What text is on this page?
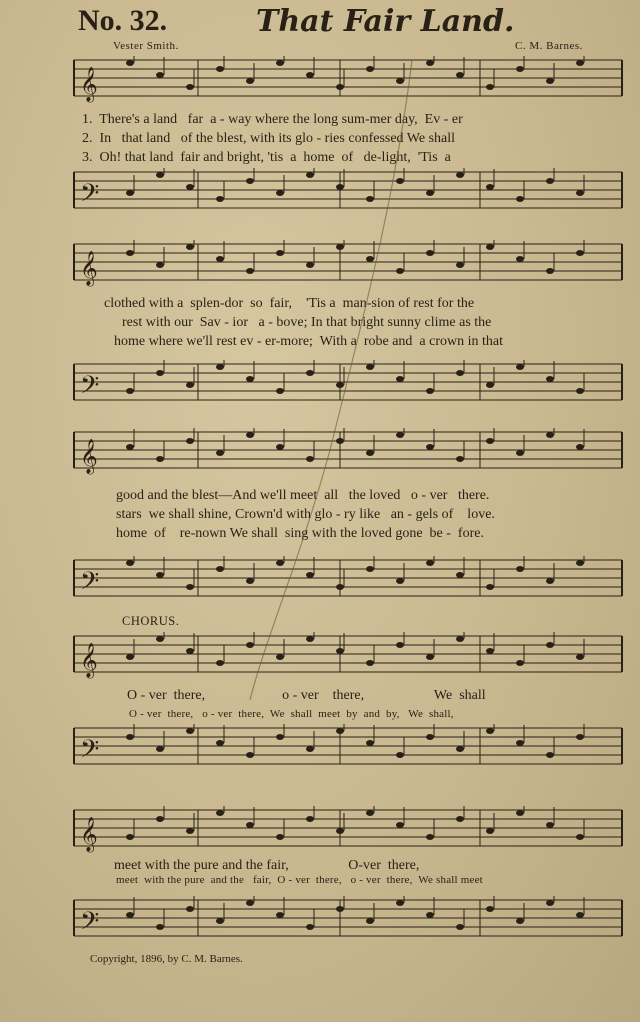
No. 32.	That Fair Land.
Vester Smith.	C. M. Barnes.
𝄞
𝄢
𝄞
𝄢
𝄞
𝄢
𝄞
𝄢
𝄞
𝄢
1.  There's a land   far  a - way where the long sum-mer day,  Ev - er
2.  In   that land   of the blest, with its glo - ries confessed We shall
3.  Oh! that land  fair and bright, 'tis  a  home  of   de-light,  'Tis  a
clothed with a  splen-dor  so  fair,    'Tis a  man-sion of rest for the
rest with our  Sav - ior   a - bove; In that bright sunny clime as the
home where we'll rest ev - er-more;  With a  robe and  a crown in that
good and the blest—And we'll meet  all   the loved   o - ver   there.
stars  we shall shine, Crown'd with glo - ry like   an - gels of    love.
home  of    re-nown We shall  sing with the loved gone  be -  fore.
CHORUS.
O - ver  there,                      o - ver    there,                    We  shall
O - ver  there,   o - ver  there,  We  shall  meet  by  and  by,   We  shall,
meet with the pure and the fair,                 O-ver  there,
meet  with the pure  and the   fair,  O - ver  there,   o - ver  there,  We shall meet
Copyright, 1896, by C. M. Barnes.
